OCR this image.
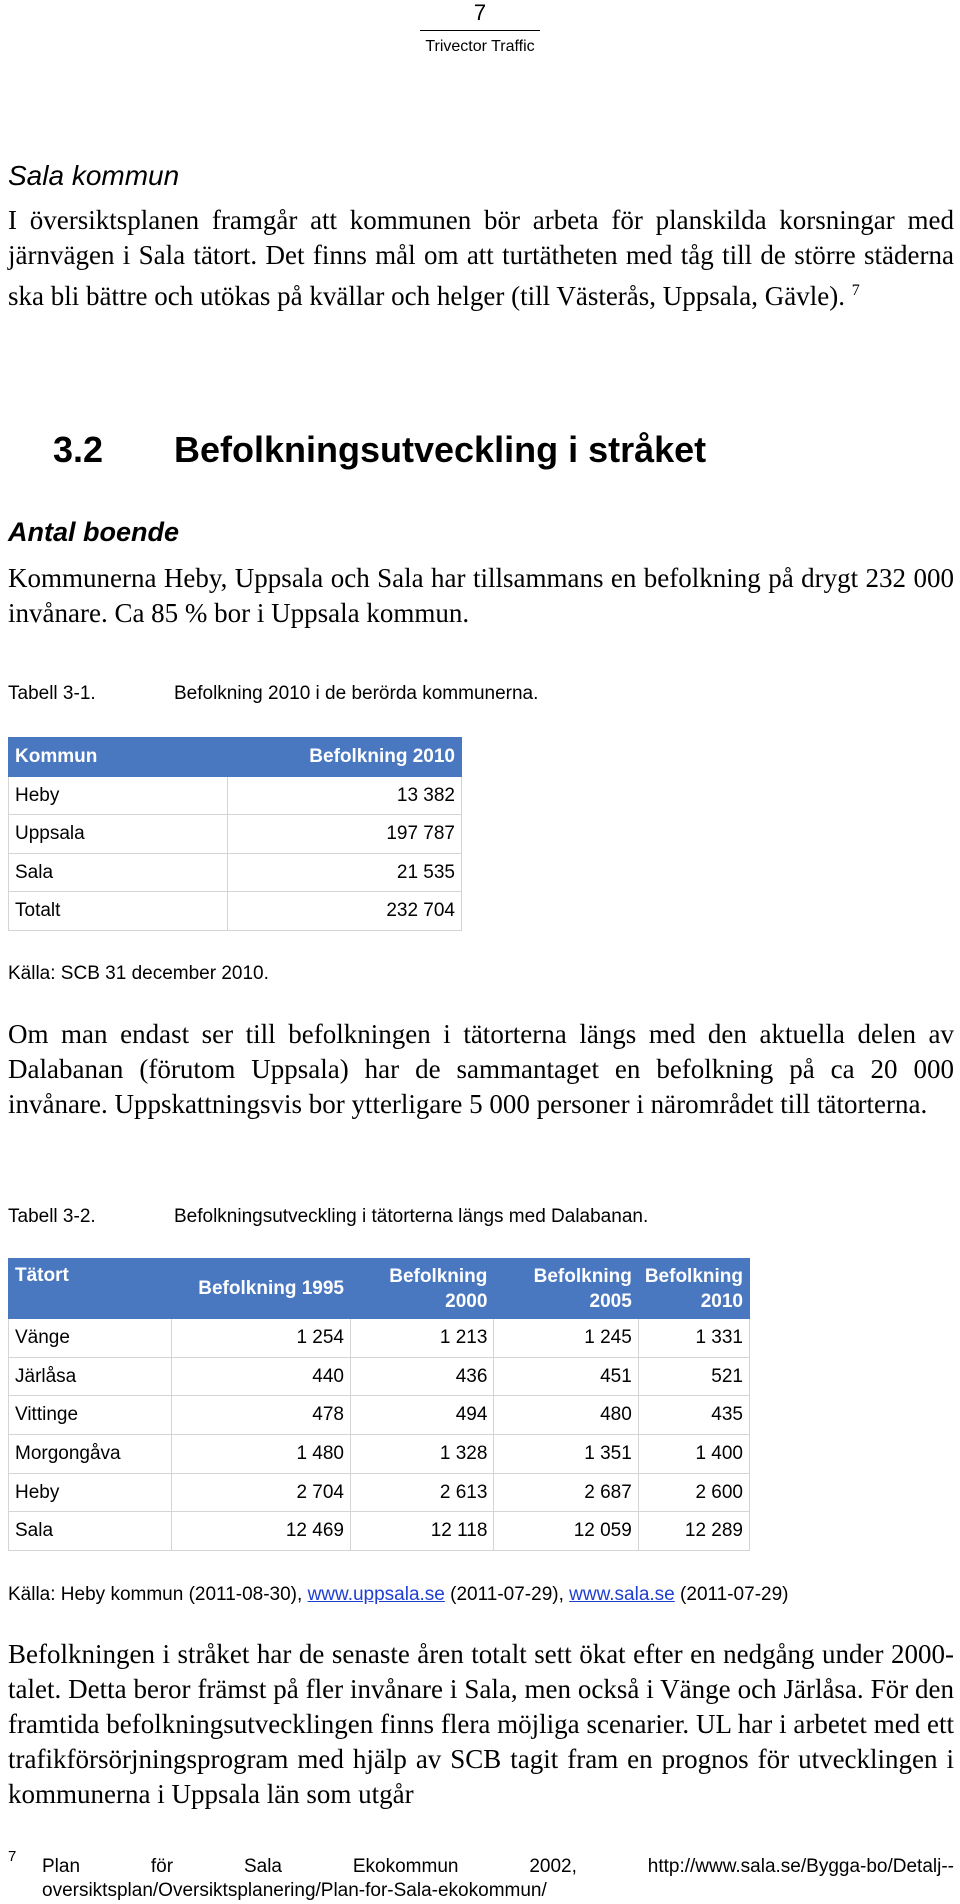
7
Trivector Traffic
Sala kommun
I översiktsplanen framgår att kommunen bör arbeta för planskilda korsningar med järnvägen i Sala tätort. Det finns mål om att turtätheten med tåg till de större städerna ska bli bättre och utökas på kvällar och helger (till Västerås, Uppsala, Gävle). $^7$
3.2 Befolkningsutveckling i stråket
Antal boende
Kommunerna Heby, Uppsala och Sala har tillsammans en befolkning på drygt 232 000 invånare. Ca 85 % bor i Uppsala kommun.
Tabell 3-1.	Befolkning 2010 i de berörda kommunerna.
Kommun	Befolkning 2010
Heby	13 382
Uppsala	197 787
Sala	21 535
Totalt	232 704
Källa: SCB 31 december 2010.
Om man endast ser till befolkningen i tätorterna längs med den aktuella delen av Dalabanan (förutom Uppsala) har de sammantaget en befolkning på ca 20 000 invånare. Uppskattningsvis bor ytterligare 5 000 personer i närområdet till tätorterna.
Tabell 3-2.	Befolkningsutveckling i tätorterna längs med Dalabanan.
Tätort	Befolkning 1995	Befolkning 2000	Befolkning 2005	Befolkning 2010
Vänge	1 254	1 213	1 245	1 331
Järlåsa	440	436	451	521
Vittinge	478	494	480	435
Morgongåva	1 480	1 328	1 351	1 400
Heby	2 704	2 613	2 687	2 600
Sala	12 469	12 118	12 059	12 289
Källa: Heby kommun (2011-08-30), www.uppsala.se (2011-07-29), www.sala.se (2011-07-29)
Befolkningen i stråket har de senaste åren totalt sett ökat efter en nedgång under 2000-talet. Detta beror främst på fler invånare i Sala, men också i Vänge och Järlåsa. För den framtida befolkningsutvecklingen finns flera möjliga scenarier. UL har i arbetet med ett trafikförsörjningsprogram med hjälp av SCB tagit fram en prognos för utvecklingen i kommunerna i Uppsala län som utgår
7 Plan för Sala Ekokommun 2002, http://www.sala.se/Bygga-bo/Detalj--
oversiktsplan/Oversiktsplanering/Plan-for-Sala-ekokommun/
